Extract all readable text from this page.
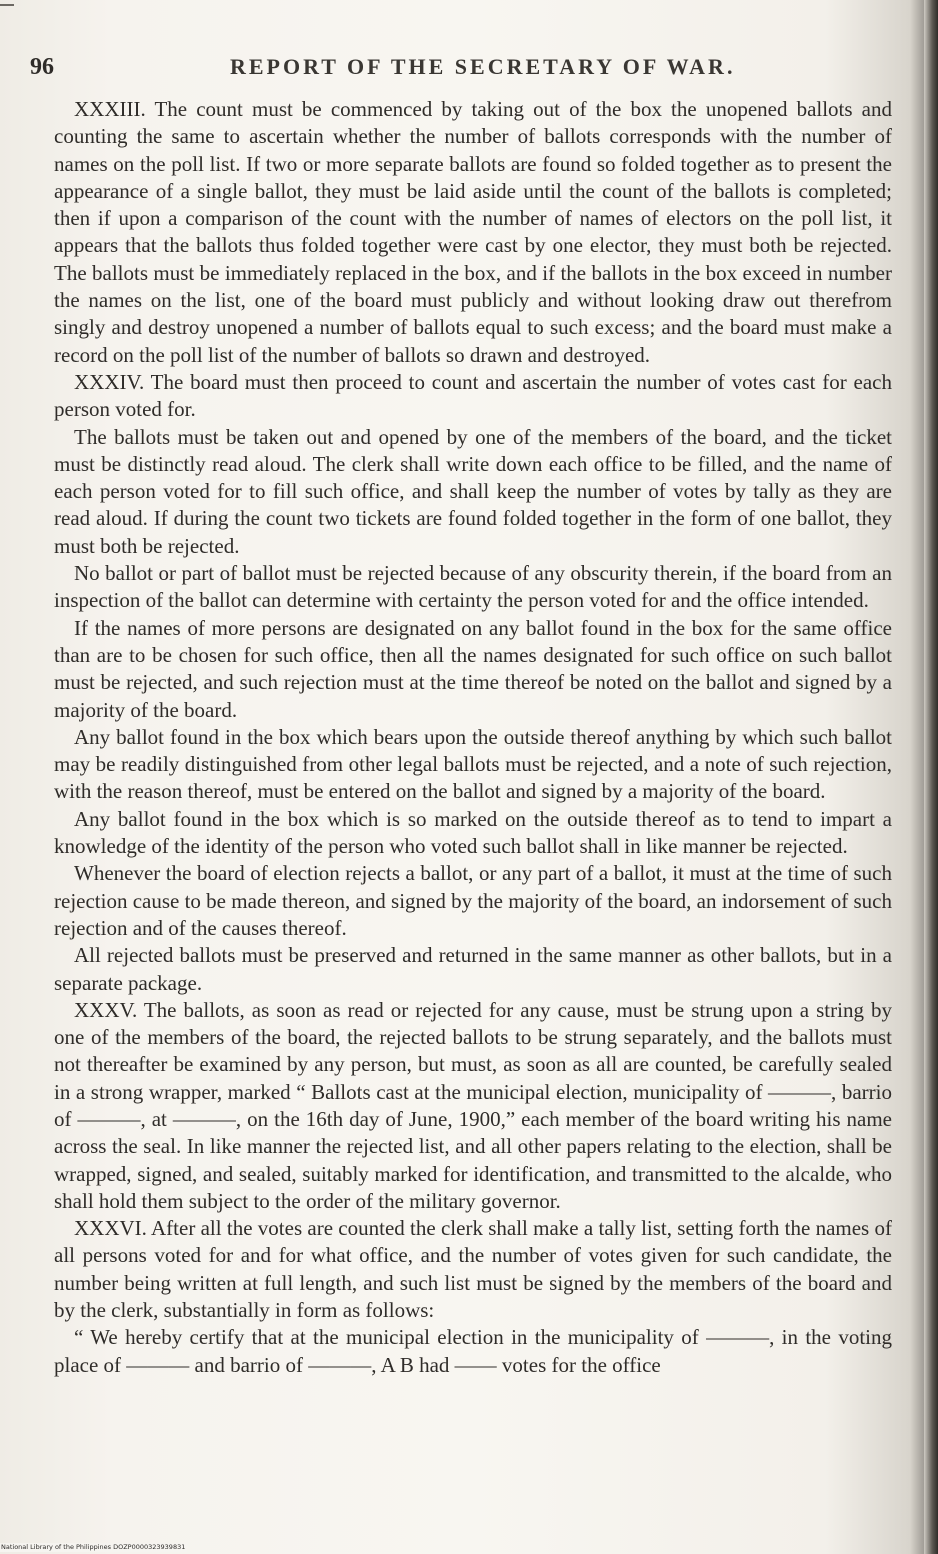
96	REPORT OF THE SECRETARY OF WAR.

XXXIII. The count must be commenced by taking out of the box the unopened ballots and counting the same to ascertain whether the number of ballots corresponds with the number of names on the poll list. If two or more separate ballots are found so folded together as to present the appearance of a single ballot, they must be laid aside until the count of the ballots is completed; then if upon a comparison of the count with the number of names of electors on the poll list, it appears that the ballots thus folded together were cast by one elector, they must both be rejected. The ballots must be immediately replaced in the box, and if the ballots in the box exceed in number the names on the list, one of the board must publicly and without looking draw out therefrom singly and destroy unopened a number of ballots equal to such excess; and the board must make a record on the poll list of the number of ballots so drawn and destroyed.

XXXIV. The board must then proceed to count and ascertain the number of votes cast for each person voted for.

The ballots must be taken out and opened by one of the members of the board, and the ticket must be distinctly read aloud. The clerk shall write down each office to be filled, and the name of each person voted for to fill such office, and shall keep the number of votes by tally as they are read aloud. If during the count two tickets are found folded together in the form of one ballot, they must both be rejected.

No ballot or part of ballot must be rejected because of any obscurity therein, if the board from an inspection of the ballot can determine with certainty the person voted for and the office intended.

If the names of more persons are designated on any ballot found in the box for the same office than are to be chosen for such office, then all the names designated for such office on such ballot must be rejected, and such rejection must at the time thereof be noted on the ballot and signed by a majority of the board.

Any ballot found in the box which bears upon the outside thereof anything by which such ballot may be readily distinguished from other legal ballots must be rejected, and a note of such rejection, with the reason thereof, must be entered on the ballot and signed by a majority of the board.

Any ballot found in the box which is so marked on the outside thereof as to tend to impart a knowledge of the identity of the person who voted such ballot shall in like manner be rejected.

Whenever the board of election rejects a ballot, or any part of a ballot, it must at the time of such rejection cause to be made thereon, and signed by the majority of the board, an indorsement of such rejection and of the causes thereof.

All rejected ballots must be preserved and returned in the same manner as other ballots, but in a separate package.

XXXV. The ballots, as soon as read or rejected for any cause, must be strung upon a string by one of the members of the board, the rejected ballots to be strung separately, and the ballots must not thereafter be examined by any person, but must, as soon as all are counted, be carefully sealed in a strong wrapper, marked “ Ballots cast at the municipal election, municipality of ———, barrio of ———, at ———, on the 16th day of June, 1900,” each member of the board writing his name across the seal. In like manner the rejected list, and all other papers relating to the election, shall be wrapped, signed, and sealed, suitably marked for identification, and transmitted to the alcalde, who shall hold them subject to the order of the military governor.

XXXVI. After all the votes are counted the clerk shall make a tally list, setting forth the names of all persons voted for and for what office, and the number of votes given for such candidate, the number being written at full length, and such list must be signed by the members of the board and by the clerk, substantially in form as follows:

“ We hereby certify that at the municipal election in the municipality of ———, in the voting place of ——— and barrio of ———, A B had —— votes for the office

National Library of the Philippines DOZP0000323939831
